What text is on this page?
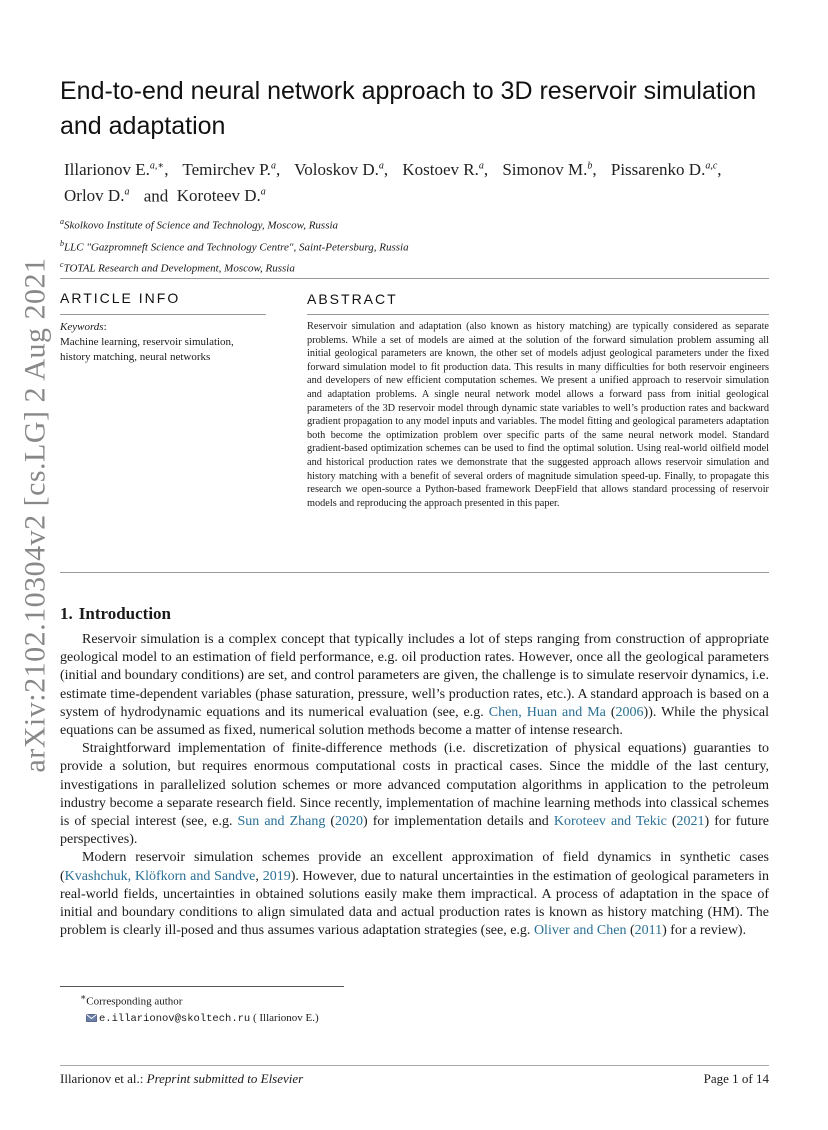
arXiv:2102.10304v2 [cs.LG] 2 Aug 2021
End-to-end neural network approach to 3D reservoir simulation and adaptation
Illarionov E.$^{a,∗}$, Temirchev P.$^a$, Voloskov D.$^a$, Kostoev R.$^a$, Simonov M.$^b$, Pissarenko D.$^{a,c}$,
Orlov D.$^a$ and Koroteev D.$^a$
$^a$Skolkovo Institute of Science and Technology, Moscow, Russia
$^b$LLC "Gazpromneft Science and Technology Centre", Saint-Petersburg, Russia
$^c$TOTAL Research and Development, Moscow, Russia
ARTICLE INFO
Keywords:
Machine learning, reservoir simulation, history matching, neural networks
ABSTRACT
Reservoir simulation and adaptation (also known as history matching) are typically considered as separate problems. While a set of models are aimed at the solution of the forward simulation problem assuming all initial geological parameters are known, the other set of models adjust geological parameters under the fixed forward simulation model to fit production data. This results in many difficulties for both reservoir engineers and developers of new efficient computation schemes. We present a unified approach to reservoir simulation and adaptation problems. A single neural network model allows a forward pass from initial geological parameters of the 3D reservoir model through dynamic state variables to well’s production rates and backward gradient propagation to any model inputs and variables. The model fitting and geological parameters adaptation both become the optimization problem over specific parts of the same neural network model. Standard gradient-based optimization schemes can be used to find the optimal solution. Using real-world oilfield model and historical production rates we demonstrate that the suggested approach allows reservoir simulation and history matching with a benefit of several orders of magnitude simulation speed-up. Finally, to propagate this research we open-source a Python-based framework DeepField that allows standard processing of reservoir models and reproducing the approach presented in this paper.
1. Introduction

Reservoir simulation is a complex concept that typically includes a lot of steps ranging from construction of appropriate geological model to an estimation of field performance, e.g. oil production rates. However, once all the geological parameters (initial and boundary conditions) are set, and control parameters are given, the challenge is to simulate reservoir dynamics, i.e. estimate time-dependent variables (phase saturation, pressure, well’s production rates, etc.). A standard approach is based on a system of hydrodynamic equations and its numerical evaluation (see, e.g. Chen, Huan and Ma (2006)). While the physical equations can be assumed as fixed, numerical solution methods become a matter of intense research.

Straightforward implementation of finite-difference methods (i.e. discretization of physical equations) guaranties to provide a solution, but requires enormous computational costs in practical cases. Since the middle of the last century, investigations in parallelized solution schemes or more advanced computation algorithms in application to the petroleum industry become a separate research field. Since recently, implementation of machine learning methods into classical schemes is of special interest (see, e.g. Sun and Zhang (2020) for implementation details and Koroteev and Tekic (2021) for future perspectives).

Modern reservoir simulation schemes provide an excellent approximation of field dynamics in synthetic cases (Kvashchuk, Klöfkorn and Sandve, 2019). However, due to natural uncertainties in the estimation of geological parameters in real-world fields, uncertainties in obtained solutions easily make them impractical. A process of adaptation in the space of initial and boundary conditions to align simulated data and actual production rates is known as history matching (HM). The problem is clearly ill-posed and thus assumes various adaptation strategies (see, e.g. Oliver and Chen (2011) for a review).

∗Corresponding author
e.illarionov@skoltech.ru ( Illarionov E.)
Illarionov et al.: Preprint submitted to Elsevier	Page 1 of 14
